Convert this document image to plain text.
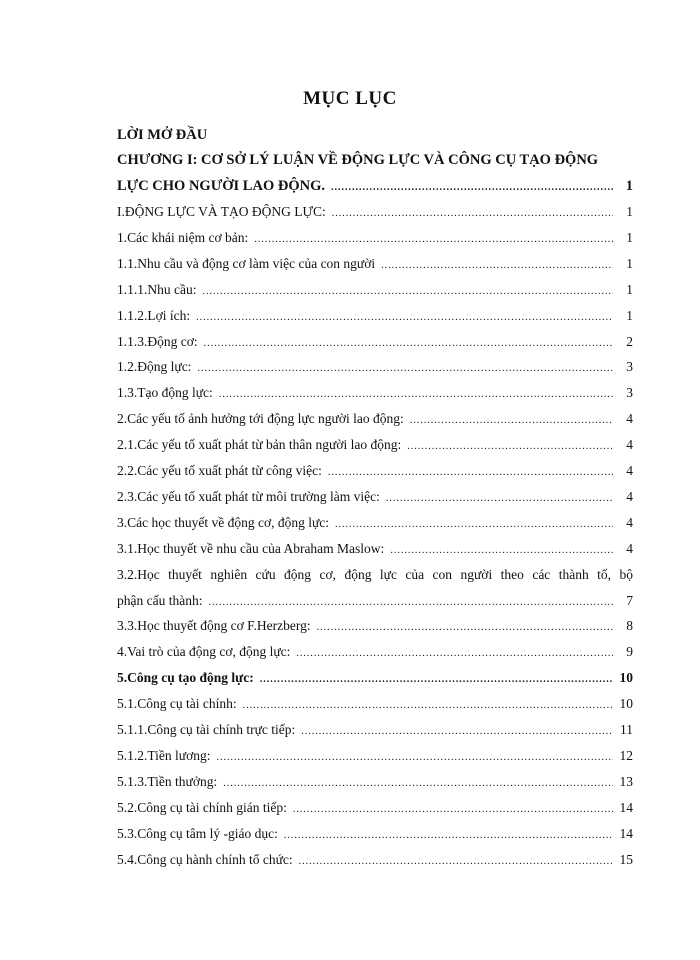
MỤC LỤC
LỜI MỞ ĐẦU
CHƯƠNG I: CƠ SỞ LÝ LUẬN VỀ ĐỘNG LỰC VÀ CÔNG CỤ TẠO ĐỘNG
LỰC CHO NGƯỜI LAO ĐỘNG. .....	1
I.ĐỘNG LỰC VÀ TẠO ĐỘNG LỰC: .....	1
1.Các khái niệm cơ bản: .....	1
1.1.Nhu cầu và động cơ làm việc của con người .....	1
1.1.1.Nhu cầu: .....	1
1.1.2.Lợi ích: .....	1
1.1.3.Động cơ: .....	2
1.2.Động lực: .....	3
1.3.Tạo động lực: .....	3
2.Các yếu tố ảnh hưởng tới động lực người lao động: .....	4
2.1.Các yếu tố xuất phát từ bản thân người lao động: .....	4
2.2.Các yếu tố xuất phát từ công việc: .....	4
2.3.Các yếu tố xuất phát từ môi trường làm việc: .....	4
3.Các học thuyết về động cơ, động lực: .....	4
3.1.Học thuyết về nhu cầu của Abraham Maslow: .....	4
3.2.Học thuyết nghiên cứu động cơ, động lực của con người theo các thành tố, bộ
phận cấu thành: .....	7
3.3.Học thuyết động cơ F.Herzberg: .....	8
4.Vai trò của động cơ, động lực: .....	9
5.Công cụ tạo động lực: .....	10
5.1.Công cụ tài chính: .....	10
5.1.1.Công cụ tài chính trực tiếp: .....	11
5.1.2.Tiền lương: .....	12
5.1.3.Tiền thưởng: .....	13
5.2.Công cụ tài chính gián tiếp: .....	14
5.3.Công cụ tâm lý -giáo dục: .....	14
5.4.Công cụ hành chính tổ chức: .....	15
